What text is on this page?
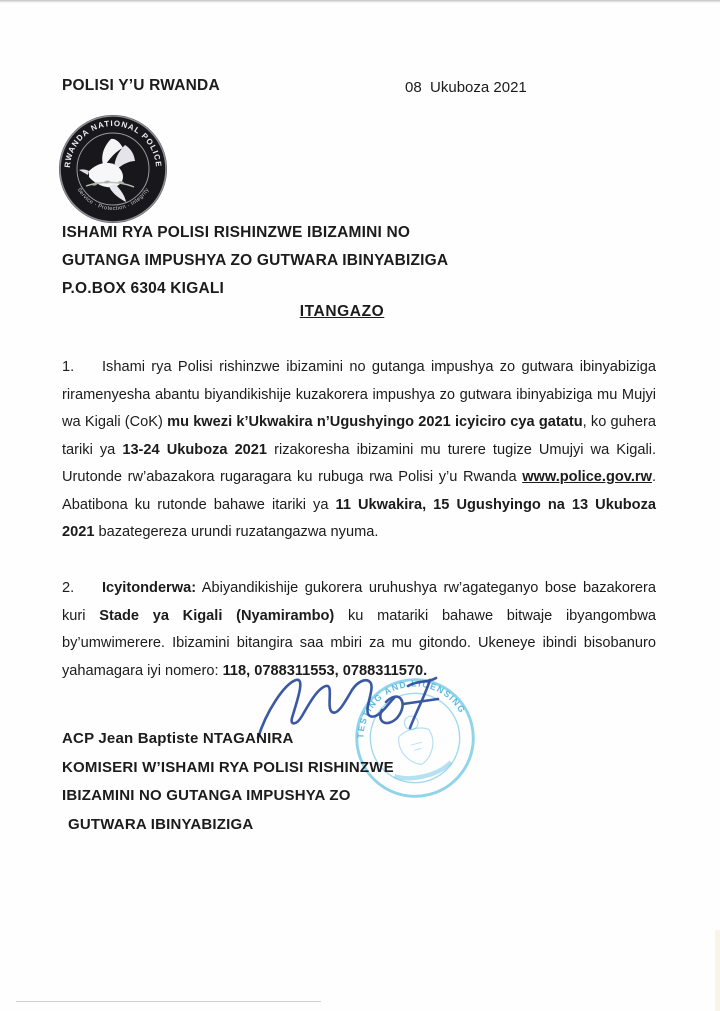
POLISI Y’U RWANDA	08  Ukuboza 2021
RWANDA NATIONAL POLICE
Service · Protection · Integrity
ISHAMI RYA POLISI RISHINZWE IBIZAMINI NO
GUTANGA IMPUSHYA ZO GUTWARA IBINYABIZIGA
P.O.BOX 6304 KIGALI
ITANGAZO
1. Ishami rya Polisi rishinzwe ibizamini no gutanga impushya zo gutwara ibinyabiziga riramenyesha abantu biyandikishije kuzakorera impushya zo gutwara ibinyabiziga mu Mujyi wa Kigali (CoK) mu kwezi k’Ukwakira n’Ugushyingo 2021 icyiciro cya gatatu, ko guhera tariki ya 13-24 Ukuboza 2021 rizakoresha ibizamini mu turere tugize Umujyi wa Kigali. Urutonde rw’abazakora rugaragara ku rubuga rwa Polisi y’u Rwanda www.police.gov.rw. Abatibona ku rutonde bahawe itariki ya 11 Ukwakira, 15 Ugushyingo na 13 Ukuboza 2021 bazategereza urundi ruzatangazwa nyuma.
2. Icyitonderwa: Abiyandikishije gukorera uruhushya rw’agateganyo bose bazakorera kuri Stade ya Kigali (Nyamirambo) ku matariki bahawe bitwaje ibyangombwa by’umwimerere. Ibizamini bitangira saa mbiri za mu gitondo. Ukeneye ibindi bisobanuro yahamagara iyi nomero: 118, 0788311553, 0788311570.
TESTING AND LICENSING
ACP Jean Baptiste NTAGANIRA
KOMISERI W’ISHAMI RYA POLISI RISHINZWE
IBIZAMINI NO GUTANGA IMPUSHYA ZO
GUTWARA IBINYABIZIGA
